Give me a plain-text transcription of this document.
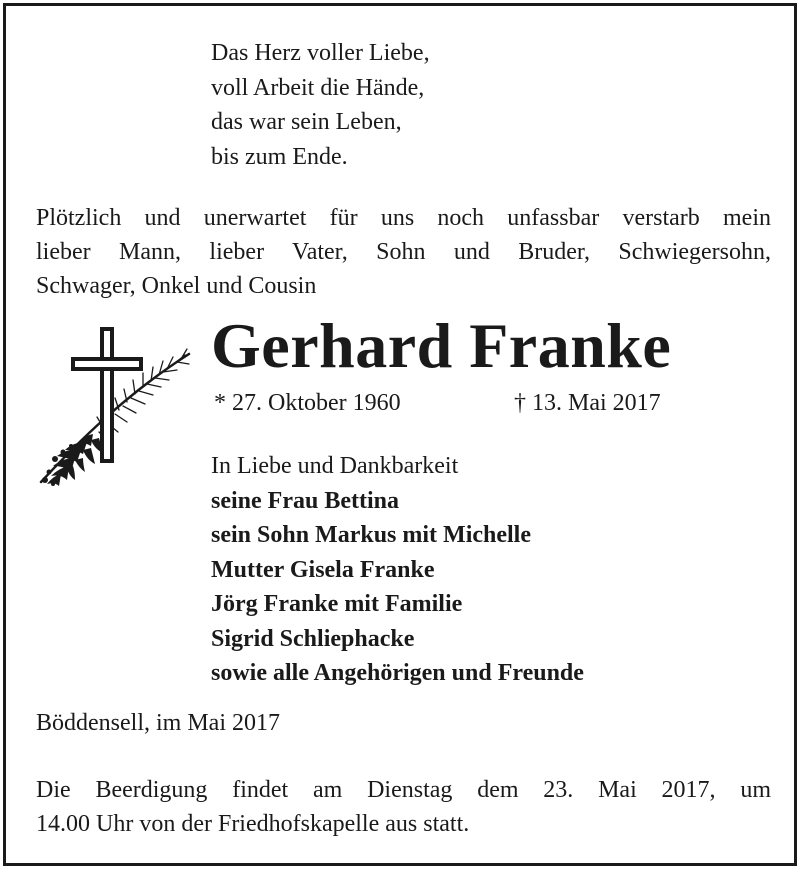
Das Herz voller Liebe,
voll Arbeit die Hände,
das war sein Leben,
bis zum Ende.
Plötzlich und unerwartet für uns noch unfassbar verstarb mein
lieber Mann, lieber Vater, Sohn und Bruder, Schwiegersohn,
Schwager, Onkel und Cousin
Gerhard Franke
* 27. Oktober 1960	† 13. Mai 2017
In Liebe und Dankbarkeit
seine Frau Bettina
sein Sohn Markus mit Michelle
Mutter Gisela Franke
Jörg Franke mit Familie
Sigrid Schliephacke
sowie alle Angehörigen und Freunde
Böddensell, im Mai 2017
Die Beerdigung findet am Dienstag dem 23. Mai 2017, um
14.00 Uhr von der Friedhofskapelle aus statt.
